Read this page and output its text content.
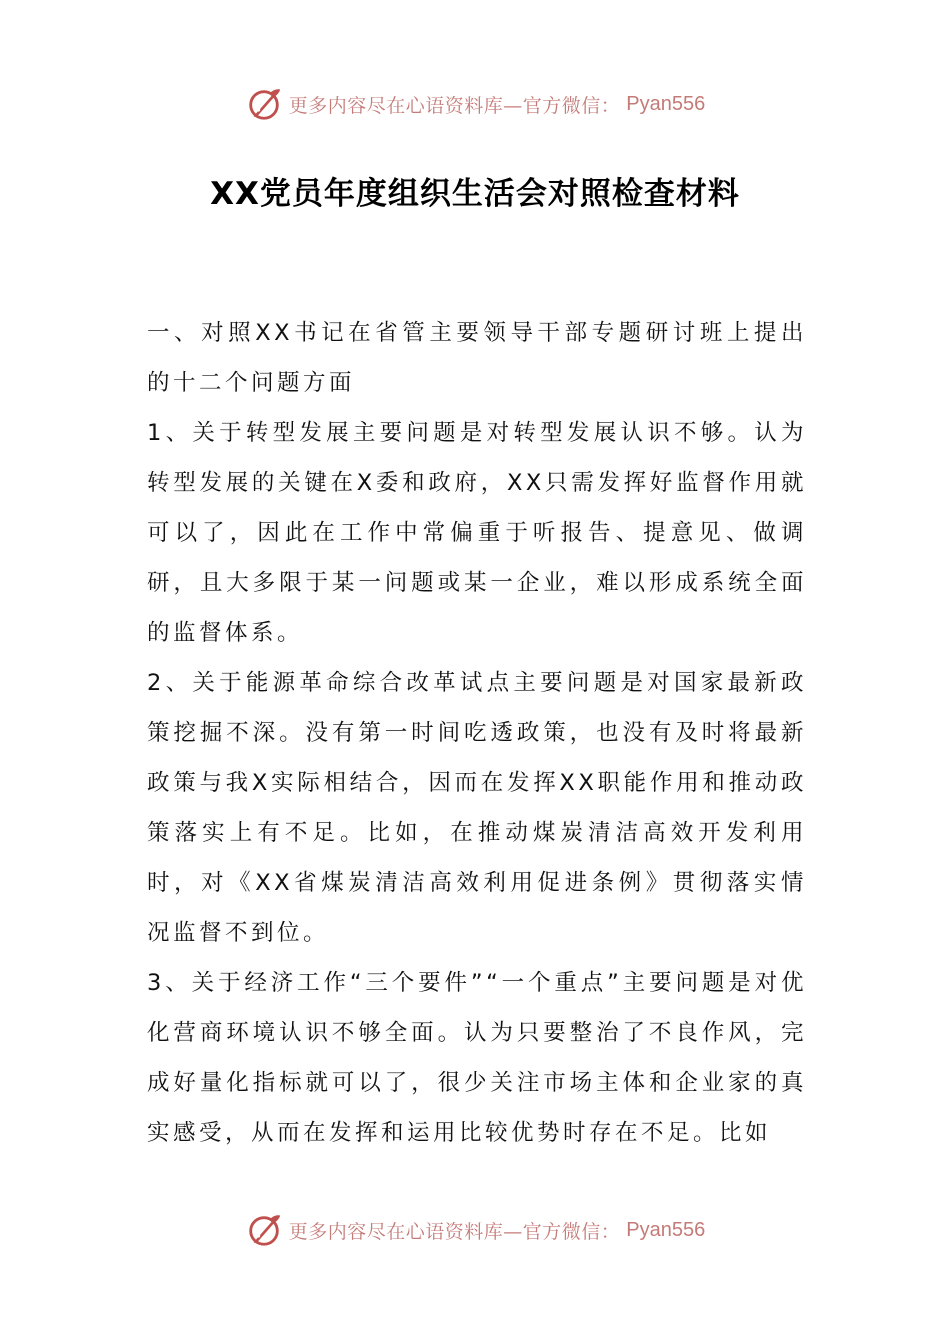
更多内容尽在心语资料库—官方微信： Pyan556
XX党员年度组织生活会对照检查材料

一、对照XX书记在省管主要领导干部专题研讨班上提出的十二个问题方面

1、关于转型发展主要问题是对转型发展认识不够。认为转型发展的关键在X委和政府，XX只需发挥好监督作用就可以了，因此在工作中常偏重于听报告、提意见、做调研，且大多限于某一问题或某一企业，难以形成系统全面的监督体系。

2、关于能源革命综合改革试点主要问题是对国家最新政策挖掘不深。没有第一时间吃透政策，也没有及时将最新政策与我X实际相结合，因而在发挥XX职能作用和推动政策落实上有不足。比如，在推动煤炭清洁高效开发利用时，对《XX省煤炭清洁高效利用促进条例》贯彻落实情况监督不到位。

3、关于经济工作“三个要件”“一个重点”主要问题是对优化营商环境认识不够全面。认为只要整治了不良作风，完成好量化指标就可以了，很少关注市场主体和企业家的真实感受，从而在发挥和运用比较优势时存在不足。比如

更多内容尽在心语资料库—官方微信： Pyan556
